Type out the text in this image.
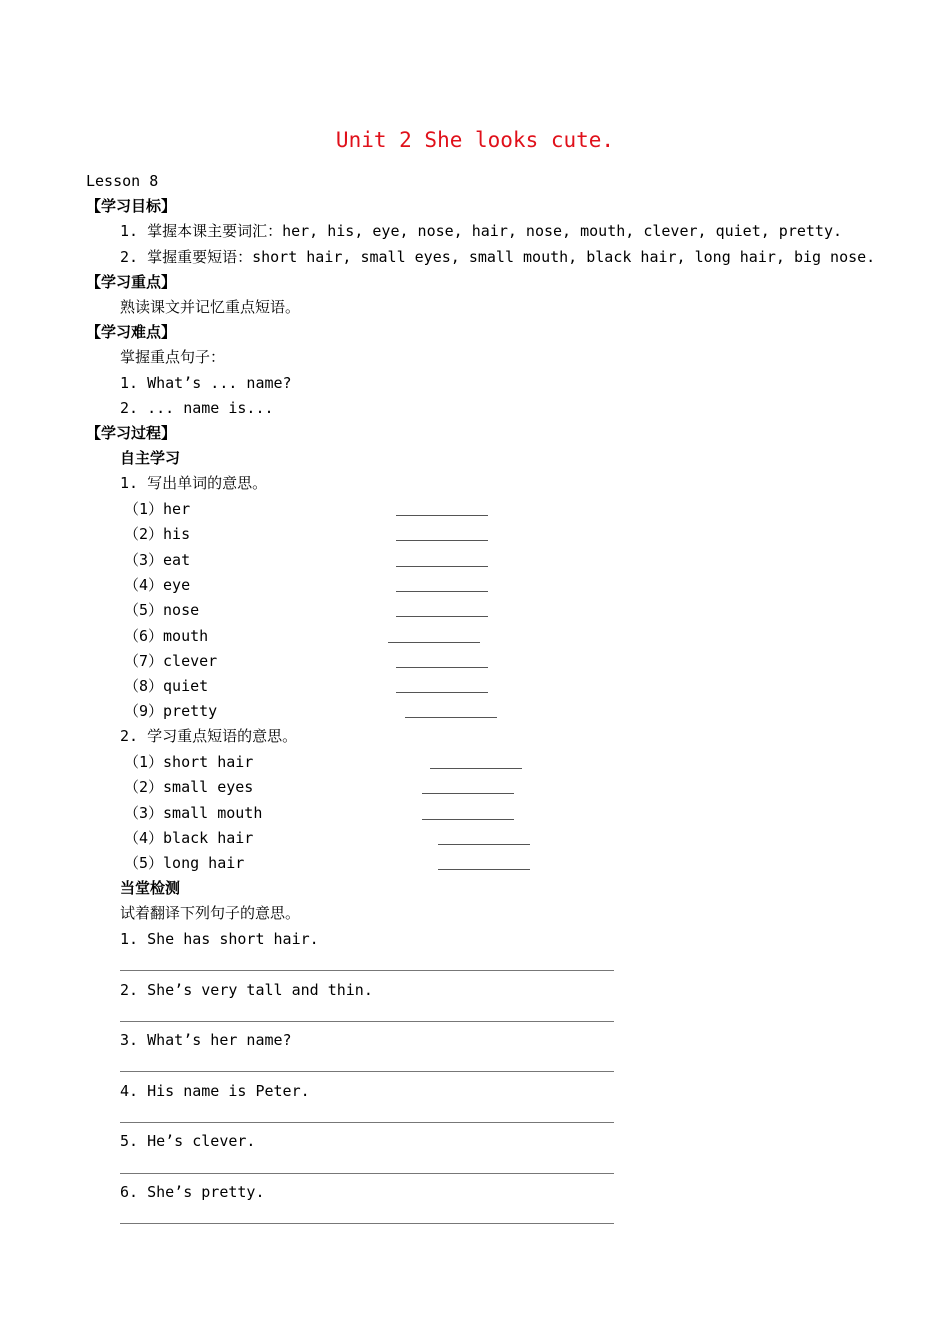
Unit 2 She looks cute.
Lesson 8
【学习目标】
1. 掌握本课主要词汇：her, his, eye, nose, hair, nose, mouth, clever, quiet, pretty.
2. 掌握重要短语：short hair, small eyes, small mouth, black hair, long hair, big nose.
【学习重点】
熟读课文并记忆重点短语。
【学习难点】
掌握重点句子：
1. What’s ... name?
2. ... name is...
【学习过程】
自主学习
1. 写出单词的意思。
（1）her
（2）his
（3）eat
（4）eye
（5）nose
（6）mouth
（7）clever
（8）quiet
（9）pretty
2. 学习重点短语的意思。
（1）short hair
（2）small eyes
（3）small mouth
（4）black hair
（5）long hair
当堂检测
试着翻译下列句子的意思。
1. She has short hair.
2. She’s very tall and thin.
3. What’s her name?
4. His name is Peter.
5. He’s clever.
6. She’s pretty.
